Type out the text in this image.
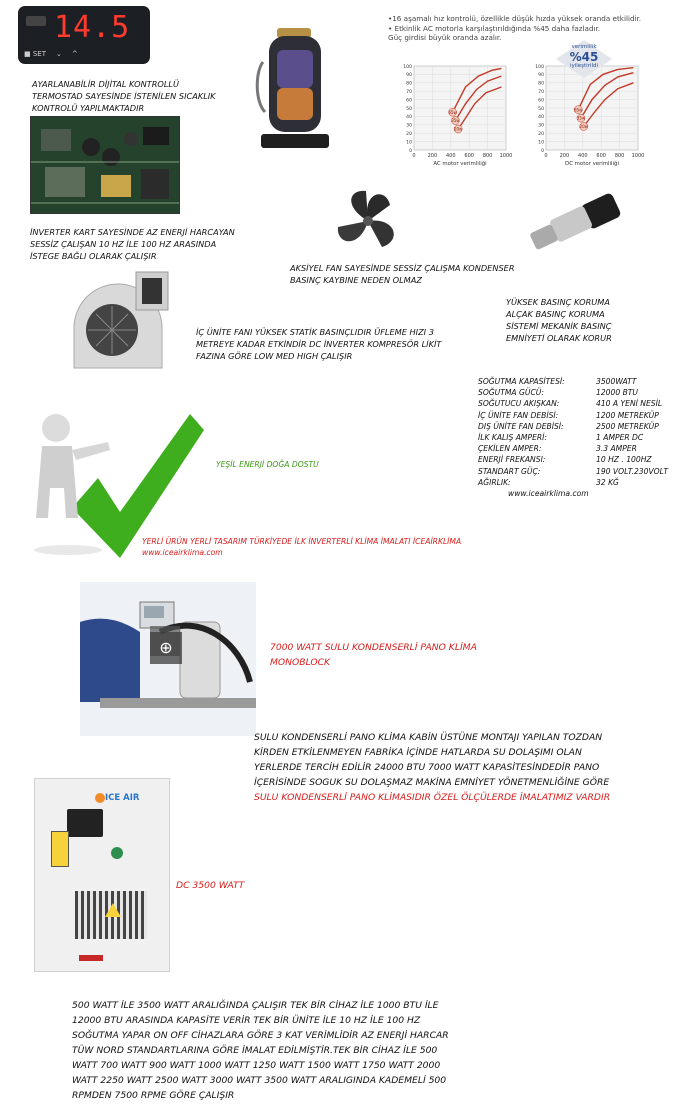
14.5
■ SET ⌄ ^
AYARLANABİLİR DİJİTAL KONTROLLÜ
TERMOSTAD SAYESİNDE İSTENİLEN SICAKLIK
KONTROLÜ YAPILMAKTADIR
İNVERTER KART SAYESİNDE AZ ENERJİ HARCAYAN
SESSİZ ÇALIŞAN 10 HZ İLE 100 HZ ARASINDA
İSTEGE BAĞLI OLARAK ÇALIŞIR
•16 aşamalı hız kontrolü, özellikle düşük hızda yüksek oranda etkilidir.
• Etkinlik AC motorla karşılaştırıldığında %45 daha fazladır.
Güç girdisi büyük oranda azalır.
0 200 400 600 800 1000
0
10
20
30
40
50
60
70
80
90
100
65w
35w
20w
AC motor verimliliği
0 200 400 600 800 1000
0
10
20
30
40
50
60
70
80
90
100
65w
35w
20w
DC motor verimliliği
verimlilik
%45
iyileştirildi
AKSİYEL FAN SAYESİNDE SESSİZ ÇALIŞMA KONDENSER
BASINÇ KAYBINE NEDEN OLMAZ
YÜKSEK BASINÇ KORUMA
ALÇAK BASINÇ KORUMA
SİSTEMİ MEKANİK BASINÇ
EMNİYETİ OLARAK KORUR
İÇ ÜNİTE FANI YÜKSEK STATİK BASINÇLIDIR ÜFLEME HIZI 3
METREYE KADAR ETKİNDİR DC İNVERTER KOMPRESÖR LİKİT
FAZINA GÖRE LOW MED HIGH ÇALIŞIR
SOĞUTMA KAPASİTESİ:	3500WATT
SOĞUTMA GÜCÜ:	12000 BTU
SOĞUTUCU AKIŞKAN:	410 A YENİ NESİL
İÇ ÜNİTE FAN DEBİSİ:	1200 METREKÜP
DIŞ ÜNİTE FAN DEBİSİ:	2500 METREKÜP
İLK KALIŞ AMPERİ:	1 AMPER DC
ÇEKİLEN AMPER:	3.3 AMPER
ENERJİ FREKANSI:	10 HZ . 100HZ
STANDART GÜÇ:	190 VOLT.230VOLT
AĞIRLIK:	32 KĞ
www.iceairklima.com
YEŞİL ENERJİ DOĞA DOSTU
YERLİ ÜRÜN YERLİ TASARIM TÜRKİYEDE İLK İNVERTERLİ KLİMA İMALATI İCEAİRKLİMA
www.iceairklima.com
⊕	7000 WATT SULU KONDENSERLİ PANO KLİMA
MONOBLOCK
SULU KONDENSERLİ PANO KLİMA KABİN ÜSTÜNE MONTAJI YAPILAN TOZDAN
KİRDEN ETKİLENMEYEN FABRİKA İÇİNDE HATLARDA SU DOLAŞIMI OLAN
YERLERDE TERCİH EDİLİR 24000 BTU 7000 WATT KAPASİTESİNDEDİR PANO
İÇERİSİNDE SOGUK SU DOLAŞMAZ MAKİNA EMNİYET YÖNETMENLİĞİNE GÖRE
SULU KONDENSERLİ PANO KLİMASIDIR ÖZEL ÖLÇÜLERDE İMALATIMIZ VARDIR
ICE AIR
DC 3500 WATT
500 WATT İLE 3500 WATT ARALIĞINDA ÇALIŞIR TEK BİR CİHAZ İLE 1000 BTU İLE
12000 BTU ARASINDA KAPASİTE VERİR TEK BİR ÜNİTE İLE 10 HZ İLE 100 HZ
SOĞUTMA YAPAR ON OFF CİHAZLARA GÖRE 3 KAT VERİMLİDİR AZ ENERJİ HARCAR
TÜW NORD STANDARTLARINA GÖRE İMALAT EDİLMİŞTİR.TEK BİR CİHAZ İLE 500
WATT 700 WATT 900 WATT 1000 WATT 1250 WATT 1500 WATT 1750 WATT 2000
WATT 2250 WATT 2500 WATT 3000 WATT 3500 WATT ARALIGINDA KADEMELİ 500
RPMDEN 7500 RPME GÖRE ÇALIŞIR
